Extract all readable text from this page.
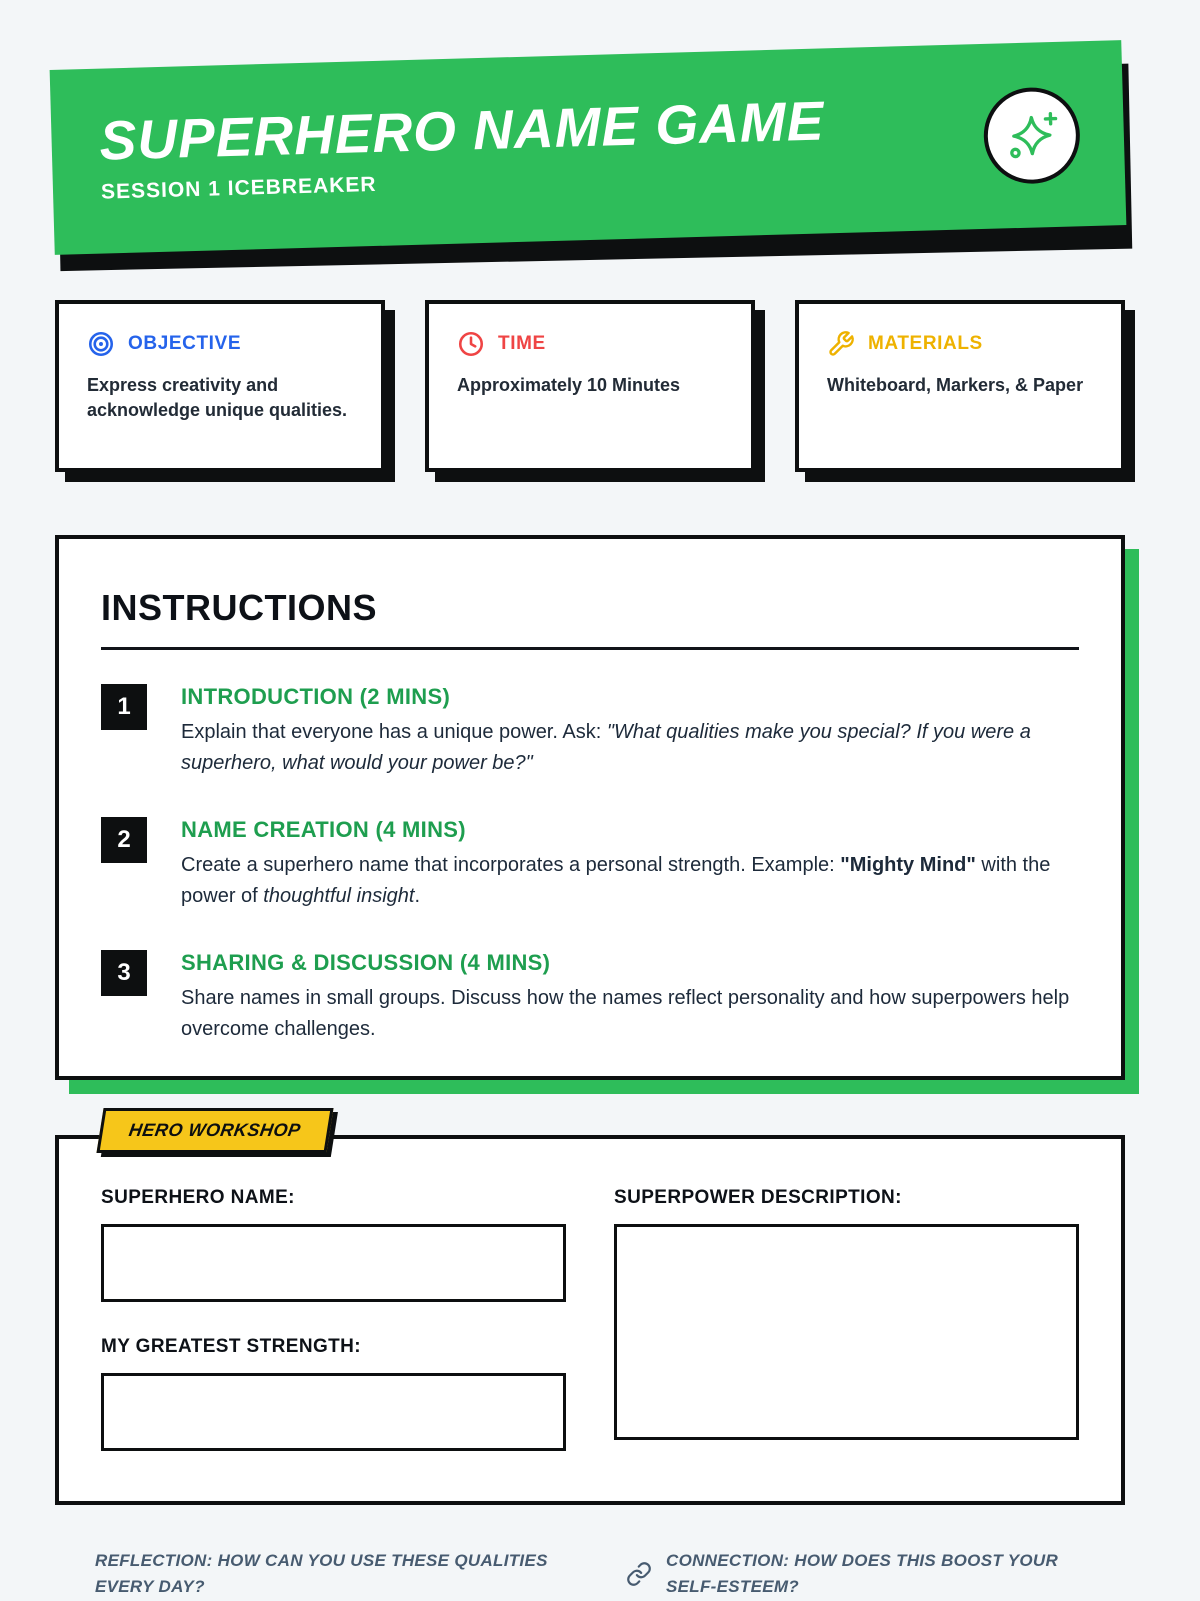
SUPERHERO NAME GAME
SESSION 1 ICEBREAKER
OBJECTIVE
Express creativity and acknowledge unique qualities.
TIME
Approximately 10 Minutes
MATERIALS
Whiteboard, Markers, & Paper
INSTRUCTIONS
1	INTRODUCTION (2 MINS)

Explain that everyone has a unique power. Ask: "What qualities make you special? If you were a superhero, what would your power be?"

2	NAME CREATION (4 MINS)

Create a superhero name that incorporates a personal strength. Example: "Mighty Mind" with the power of thoughtful insight.

3	SHARING & DISCUSSION (4 MINS)

Share names in small groups. Discuss how the names reflect personality and how superpowers help overcome challenges.

HERO WORKSHOP
SUPERHERO NAME:
MY GREATEST STRENGTH:
SUPERPOWER DESCRIPTION:
REFLECTION: HOW CAN YOU USE THESE QUALITIES EVERY DAY?
CONNECTION: HOW DOES THIS BOOST YOUR SELF-ESTEEM?
